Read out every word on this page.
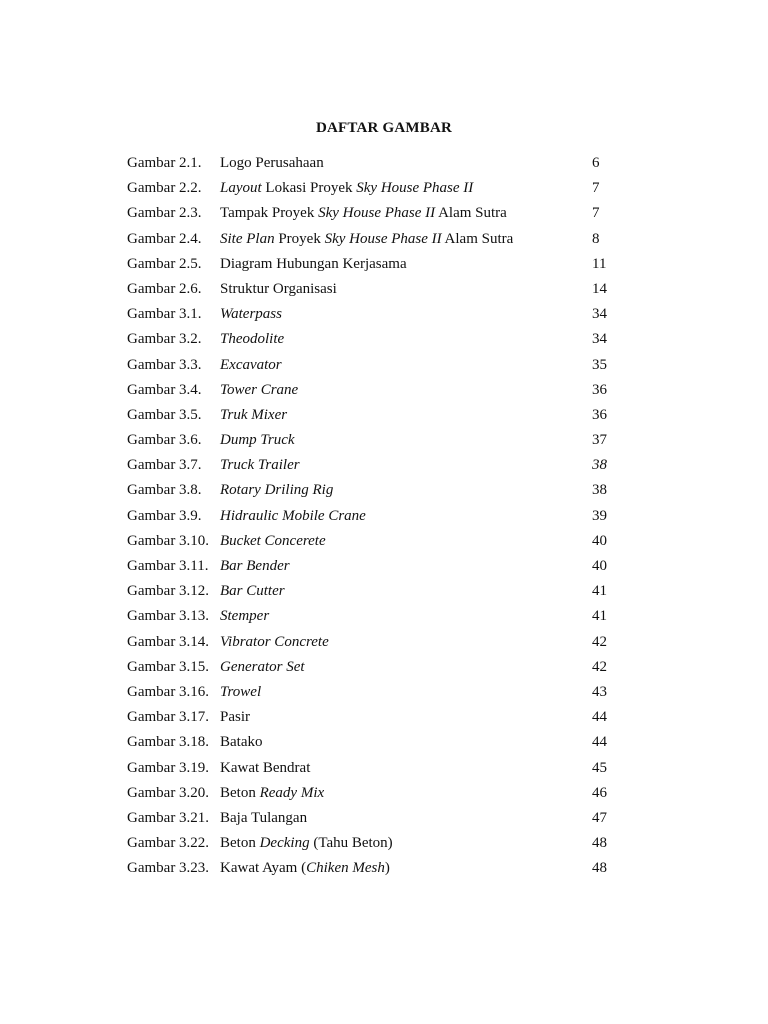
DAFTAR GAMBAR
Gambar 2.1. Logo Perusahaan	6
Gambar 2.2. Layout Lokasi Proyek Sky House Phase II	7
Gambar 2.3. Tampak Proyek Sky House Phase II Alam Sutra	7
Gambar 2.4. Site Plan Proyek Sky House Phase II Alam Sutra	8
Gambar 2.5. Diagram Hubungan Kerjasama	11
Gambar 2.6. Struktur Organisasi	14
Gambar 3.1. Waterpass	34
Gambar 3.2. Theodolite	34
Gambar 3.3. Excavator	35
Gambar 3.4. Tower Crane	36
Gambar 3.5. Truk Mixer	36
Gambar 3.6. Dump Truck	37
Gambar 3.7. Truck Trailer	38
Gambar 3.8. Rotary Driling Rig	38
Gambar 3.9. Hidraulic Mobile Crane	39
Gambar 3.10. Bucket Concerete	40
Gambar 3.11. Bar Bender	40
Gambar 3.12. Bar Cutter	41
Gambar 3.13. Stemper	41
Gambar 3.14. Vibrator Concrete	42
Gambar 3.15. Generator Set	42
Gambar 3.16. Trowel	43
Gambar 3.17. Pasir	44
Gambar 3.18. Batako	44
Gambar 3.19. Kawat Bendrat	45
Gambar 3.20. Beton Ready Mix	46
Gambar 3.21. Baja Tulangan	47
Gambar 3.22. Beton Decking (Tahu Beton)	48
Gambar 3.23. Kawat Ayam (Chiken Mesh)	48
